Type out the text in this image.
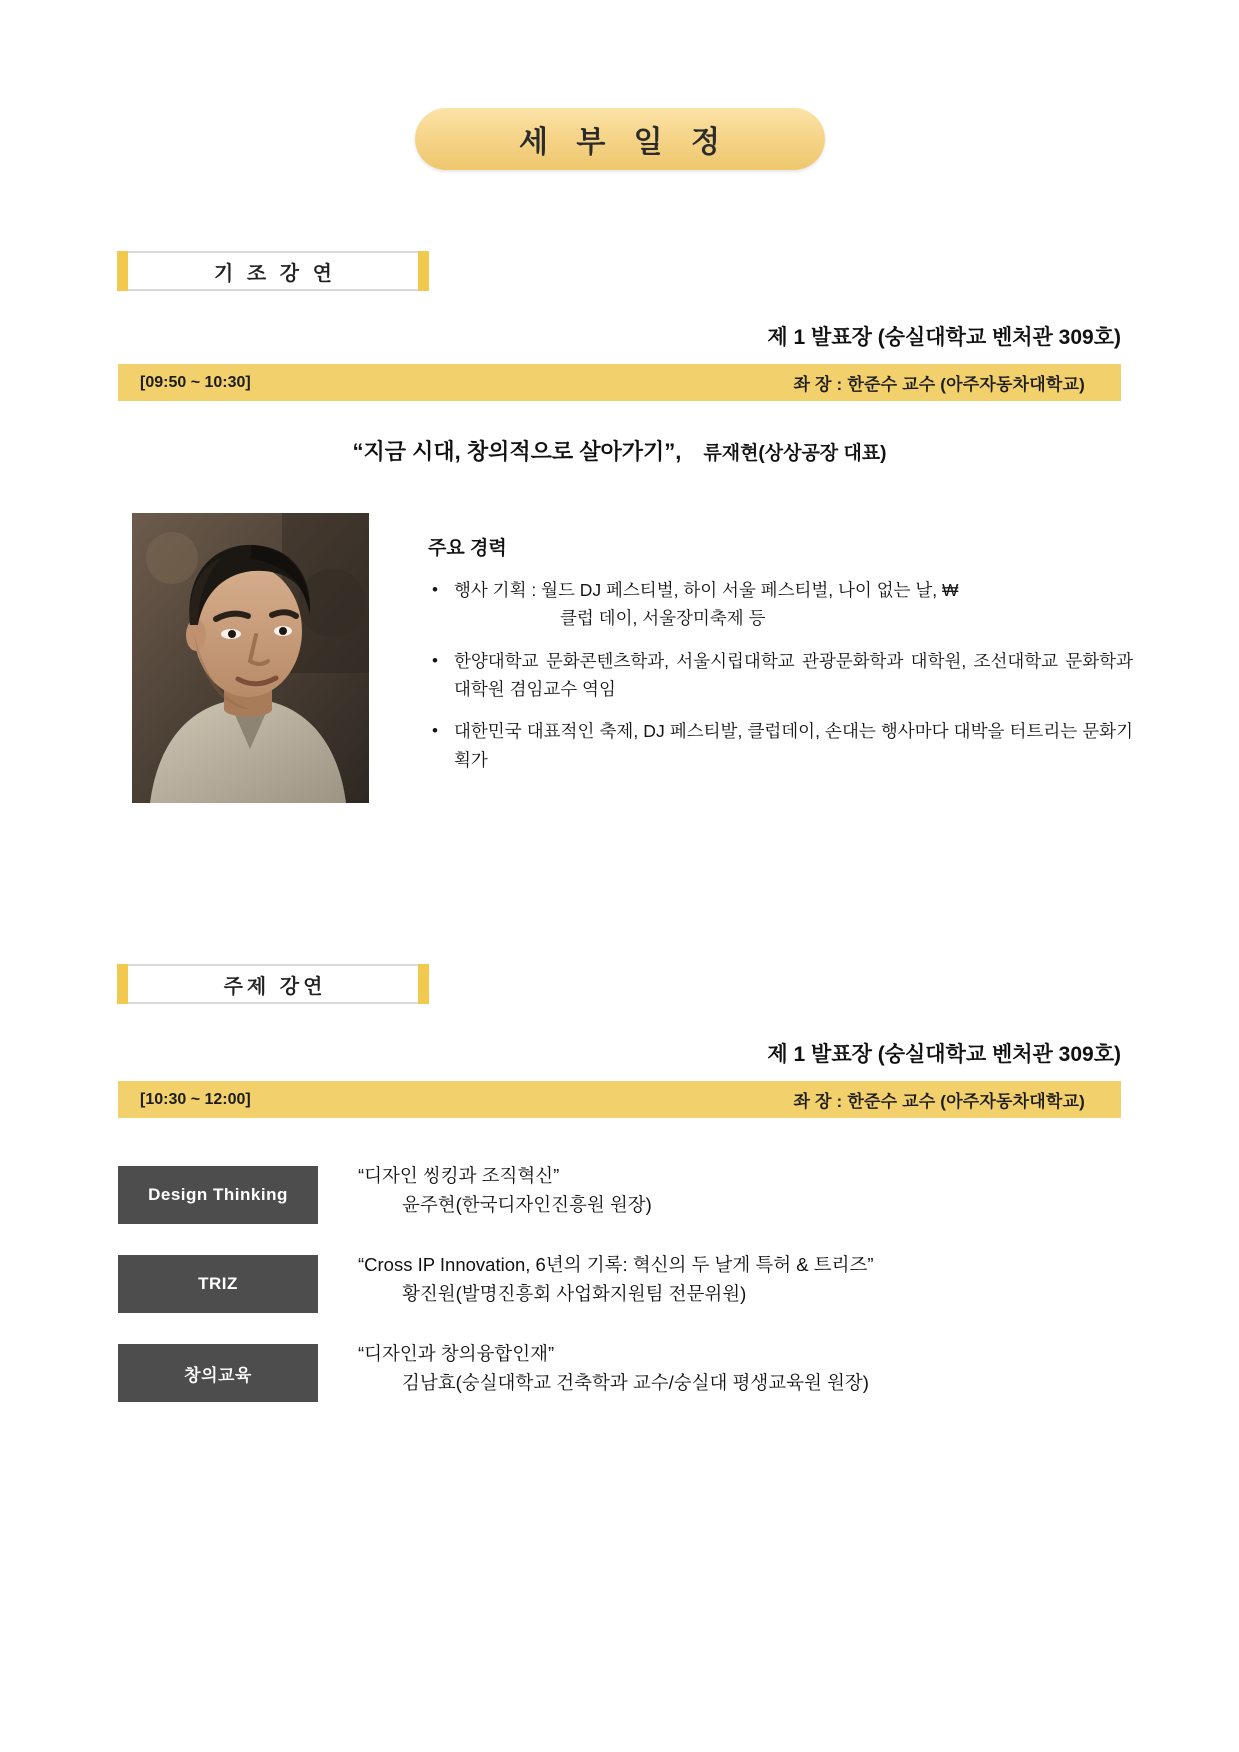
세 부 일 정
기 조 강 연
제 1 발표장 (숭실대학교 벤처관 309호)
[09:50 ~ 10:30]	좌 장 : 한준수 교수 (아주자동차대학교)
“지금 시대, 창의적으로 살아가기”, 류재현(상상공장 대표)
주요 경력
• 행사 기획 : 월드 DJ 페스티벌, 하이 서울 페스티벌, 나이 없는 날, ₩
클럽 데이, 서울장미축제 등
• 한양대학교 문화콘텐츠학과, 서울시립대학교 관광문화학과 대학원, 조선대학교 문화학과 대학원 겸임교수 역임
• 대한민국 대표적인 축제, DJ 페스티발, 클럽데이, 손대는 행사마다 대박을 터트리는 문화기획가
주제 강연
제 1 발표장 (숭실대학교 벤처관 309호)
[10:30 ~ 12:00]	좌 장 : 한준수 교수 (아주자동차대학교)
Design Thinking
“디자인 씽킹과 조직혁신”
윤주현(한국디자인진흥원 원장)
TRIZ
“Cross IP Innovation, 6년의 기록: 혁신의 두 날게 특허 & 트리즈”
황진원(발명진흥회 사업화지원팀 전문위원)
창의교육
“디자인과 창의융합인재”
김남효(숭실대학교 건축학과 교수/숭실대 평생교육원 원장)
